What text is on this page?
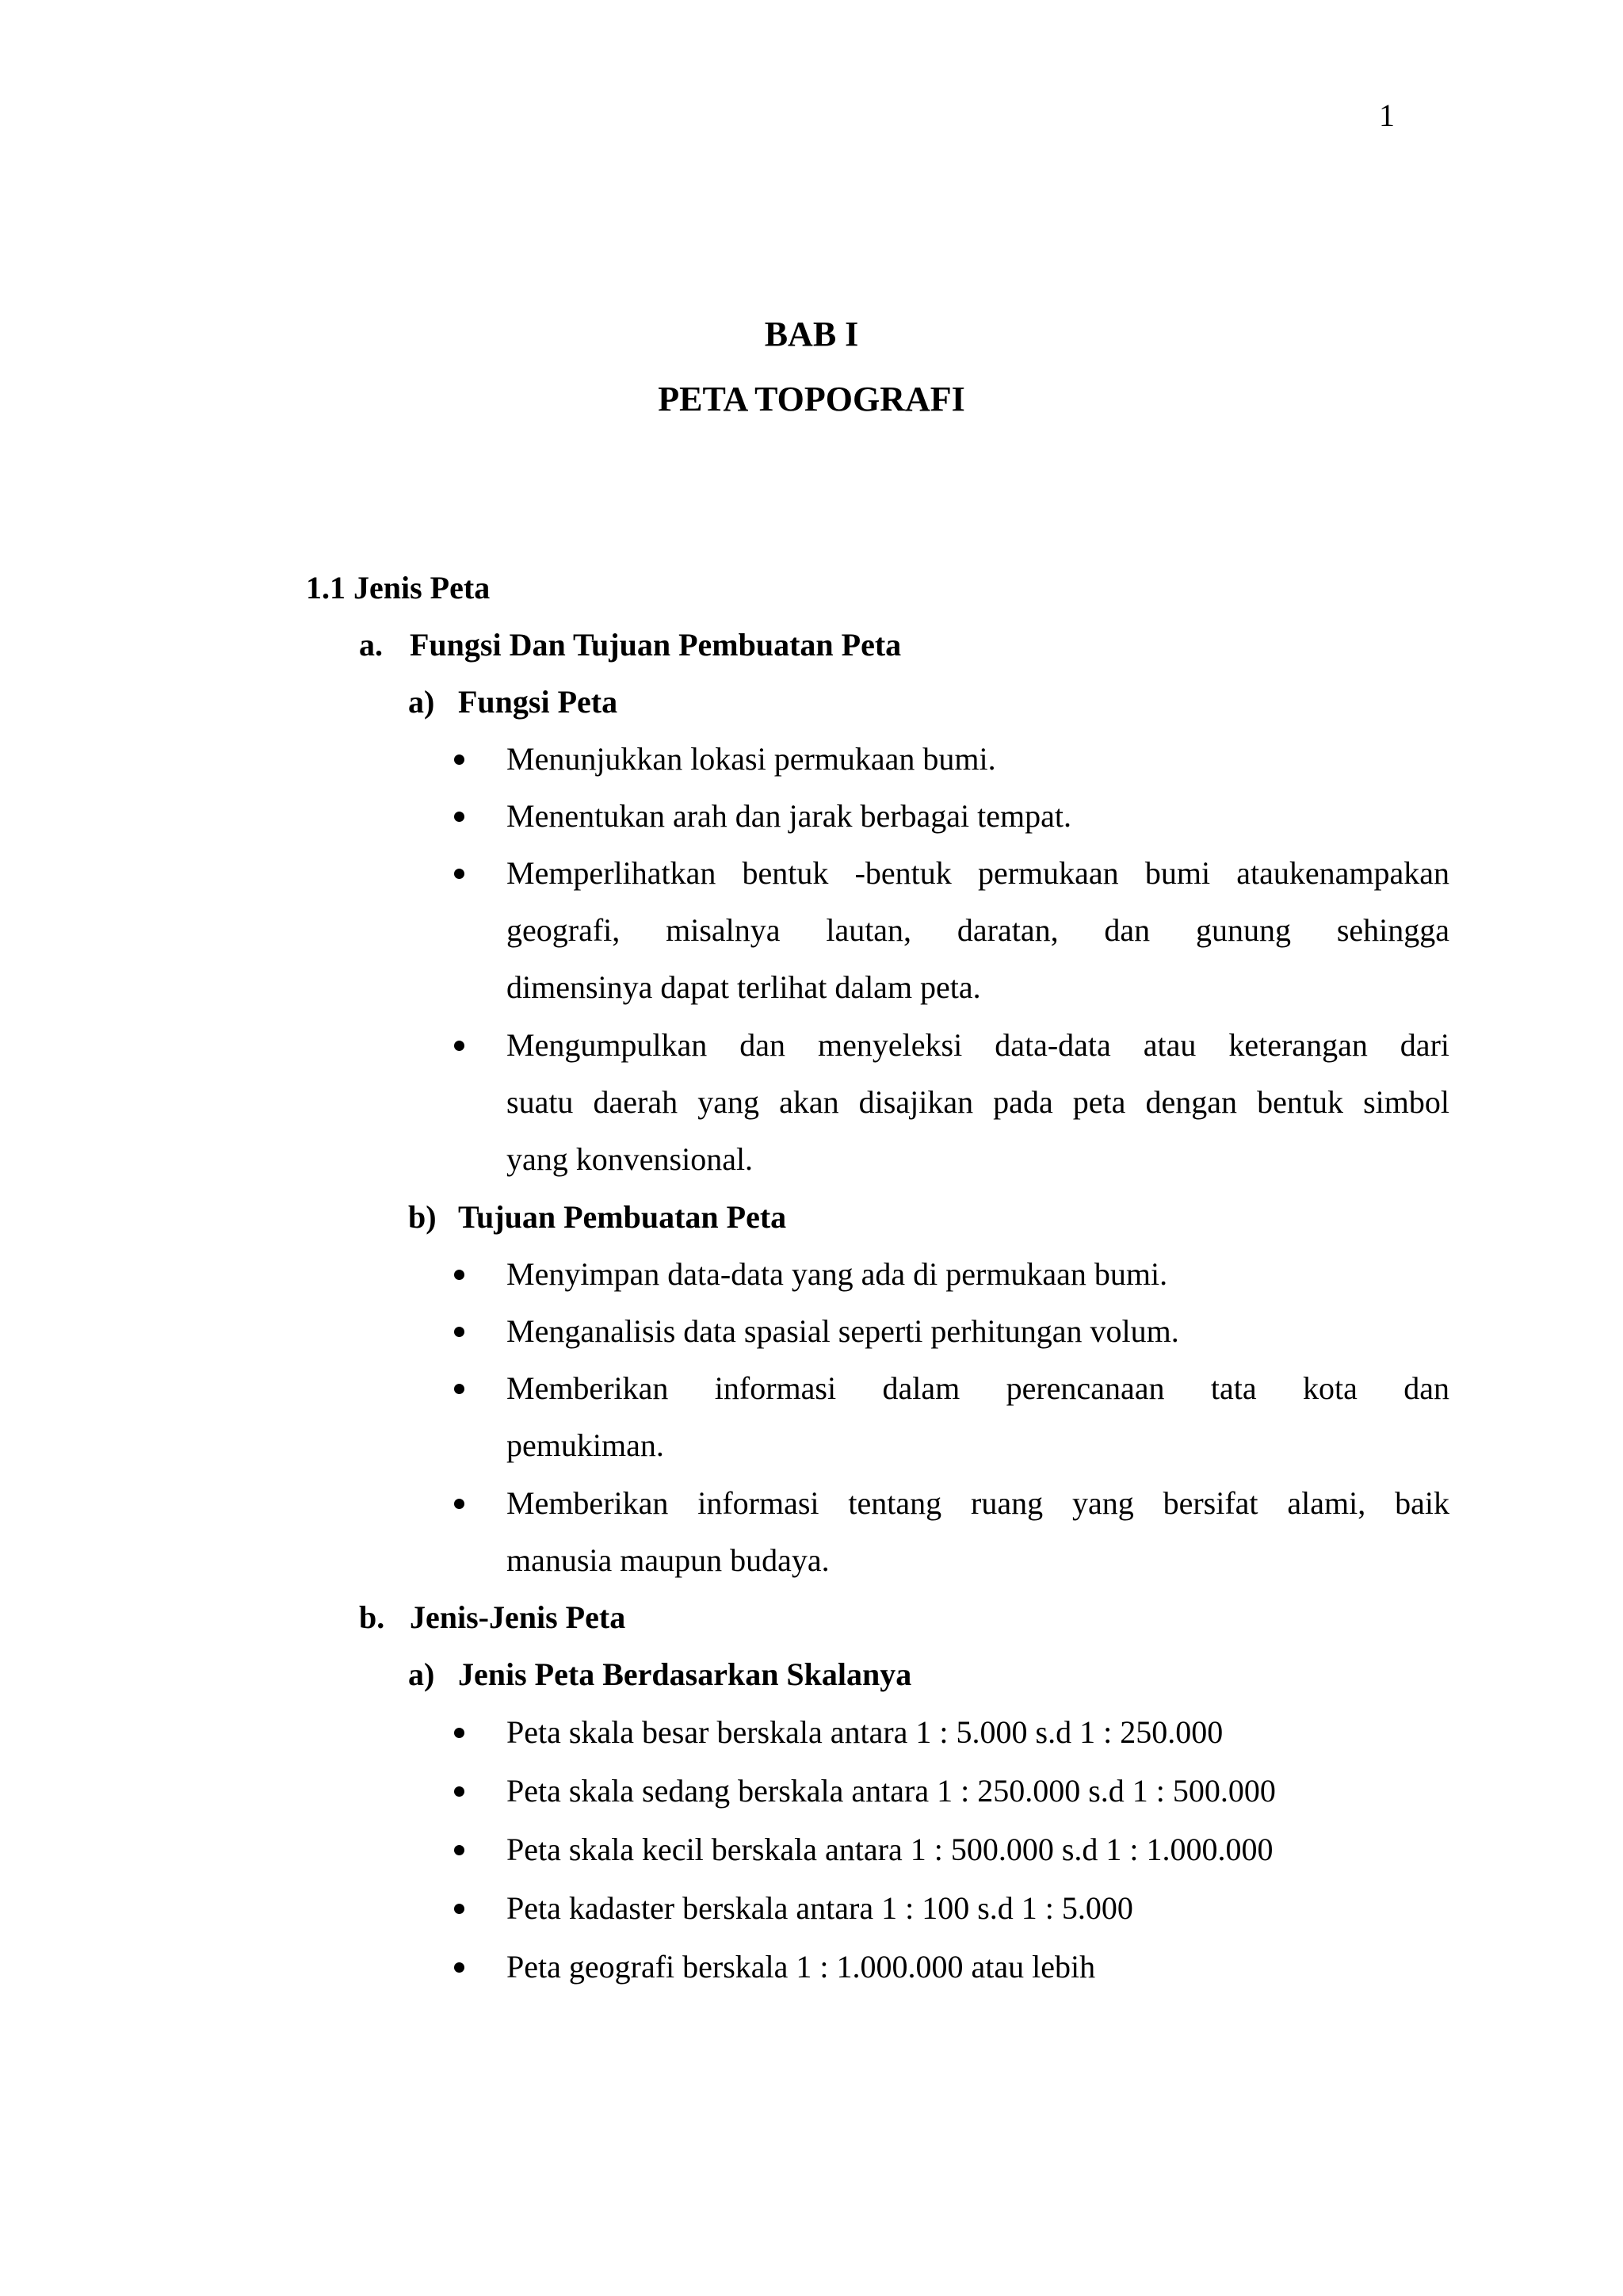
1
BAB I
PETA TOPOGRAFI
1.1 Jenis Peta
a. Fungsi Dan Tujuan Pembuatan Peta
a) Fungsi Peta
Menunjukkan lokasi permukaan bumi.
Menentukan arah dan jarak berbagai tempat.
Memperlihatkan bentuk -bentuk permukaan bumi ataukenampakan
geografi, misalnya lautan, daratan, dan gunung sehingga
dimensinya dapat terlihat dalam peta.
Mengumpulkan dan menyeleksi data-data atau keterangan dari
suatu daerah yang akan disajikan pada peta dengan bentuk simbol
yang konvensional.
b) Tujuan Pembuatan Peta
Menyimpan data-data yang ada di permukaan bumi.
Menganalisis data spasial seperti perhitungan volum.
Memberikan informasi dalam perencanaan tata kota dan
pemukiman.
Memberikan informasi tentang ruang yang bersifat alami, baik
manusia maupun budaya.
b. Jenis-Jenis Peta
a) Jenis Peta Berdasarkan Skalanya
Peta skala besar berskala antara 1 : 5.000 s.d 1 : 250.000
Peta skala sedang berskala antara 1 : 250.000 s.d 1 : 500.000
Peta skala kecil berskala antara 1 : 500.000 s.d 1 : 1.000.000
Peta kadaster berskala antara 1 : 100 s.d 1 : 5.000
Peta geografi berskala 1 : 1.000.000 atau lebih
